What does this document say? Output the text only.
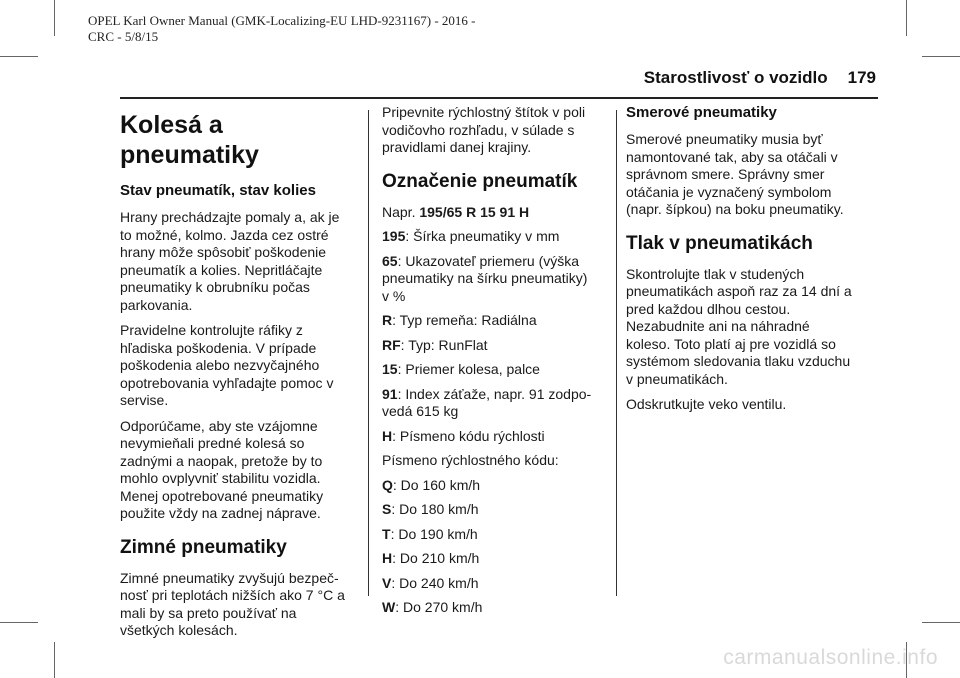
OPEL Karl Owner Manual (GMK-Localizing-EU LHD-9231167) - 2016 -
CRC - 5/8/15
Starostlivosť o vozidlo 179
Kolesá a pneumatiky
Stav pneumatík, stav kolies

Hrany prechádzajte pomaly a, ak je
to možné, kolmo. Jazda cez ostré
hrany môže spôsobiť poškodenie
pneumatík a kolies. Nepritláčajte
pneumatiky k obrubníku počas
parkovania.

Pravidelne kontrolujte ráfiky z
hľadiska poškodenia. V prípade
poškodenia alebo nezvyčajného
opotrebovania vyhľadajte pomoc v
servise.

Odporúčame, aby ste vzájomne
nevymieňali predné kolesá so
zadnými a naopak, pretože by to
mohlo ovplyvniť stabilitu vozidla.
Menej opotrebované pneumatiky
použite vždy na zadnej náprave.

Zimné pneumatiky

Zimné pneumatiky zvyšujú bezpeč-
nosť pri teplotách nižších ako 7 °C a
mali by sa preto používať na
všetkých kolesách.

Pripevnite rýchlostný štítok v poli
vodičovho rozhľadu, v súlade s
pravidlami danej krajiny.

Označenie pneumatík

Napr. 195/65 R 15 91 H

195: Šírka pneumatiky v mm

65: Ukazovateľ priemeru (výška
pneumatiky na šírku pneumatiky)
v %

R: Typ remeňa: Radiálna

RF: Typ: RunFlat

15: Priemer kolesa, palce

91: Index záťaže, napr. 91 zodpo-
vedá 615 kg

H: Písmeno kódu rýchlosti

Písmeno rýchlostného kódu:

Q: Do 160 km/h

S: Do 180 km/h

T: Do 190 km/h

H: Do 210 km/h

V: Do 240 km/h

W: Do 270 km/h

Smerové pneumatiky

Smerové pneumatiky musia byť
namontované tak, aby sa otáčali v
správnom smere. Správny smer
otáčania je vyznačený symbolom
(napr. šípkou) na boku pneumatiky.

Tlak v pneumatikách

Skontrolujte tlak v studených
pneumatikách aspoň raz za 14 dní a
pred každou dlhou cestou.
Nezabudnite ani na náhradné
koleso. Toto platí aj pre vozidlá so
systémom sledovania tlaku vzduchu
v pneumatikách.

Odskrutkujte veko ventilu.

carmanualsonline.info
